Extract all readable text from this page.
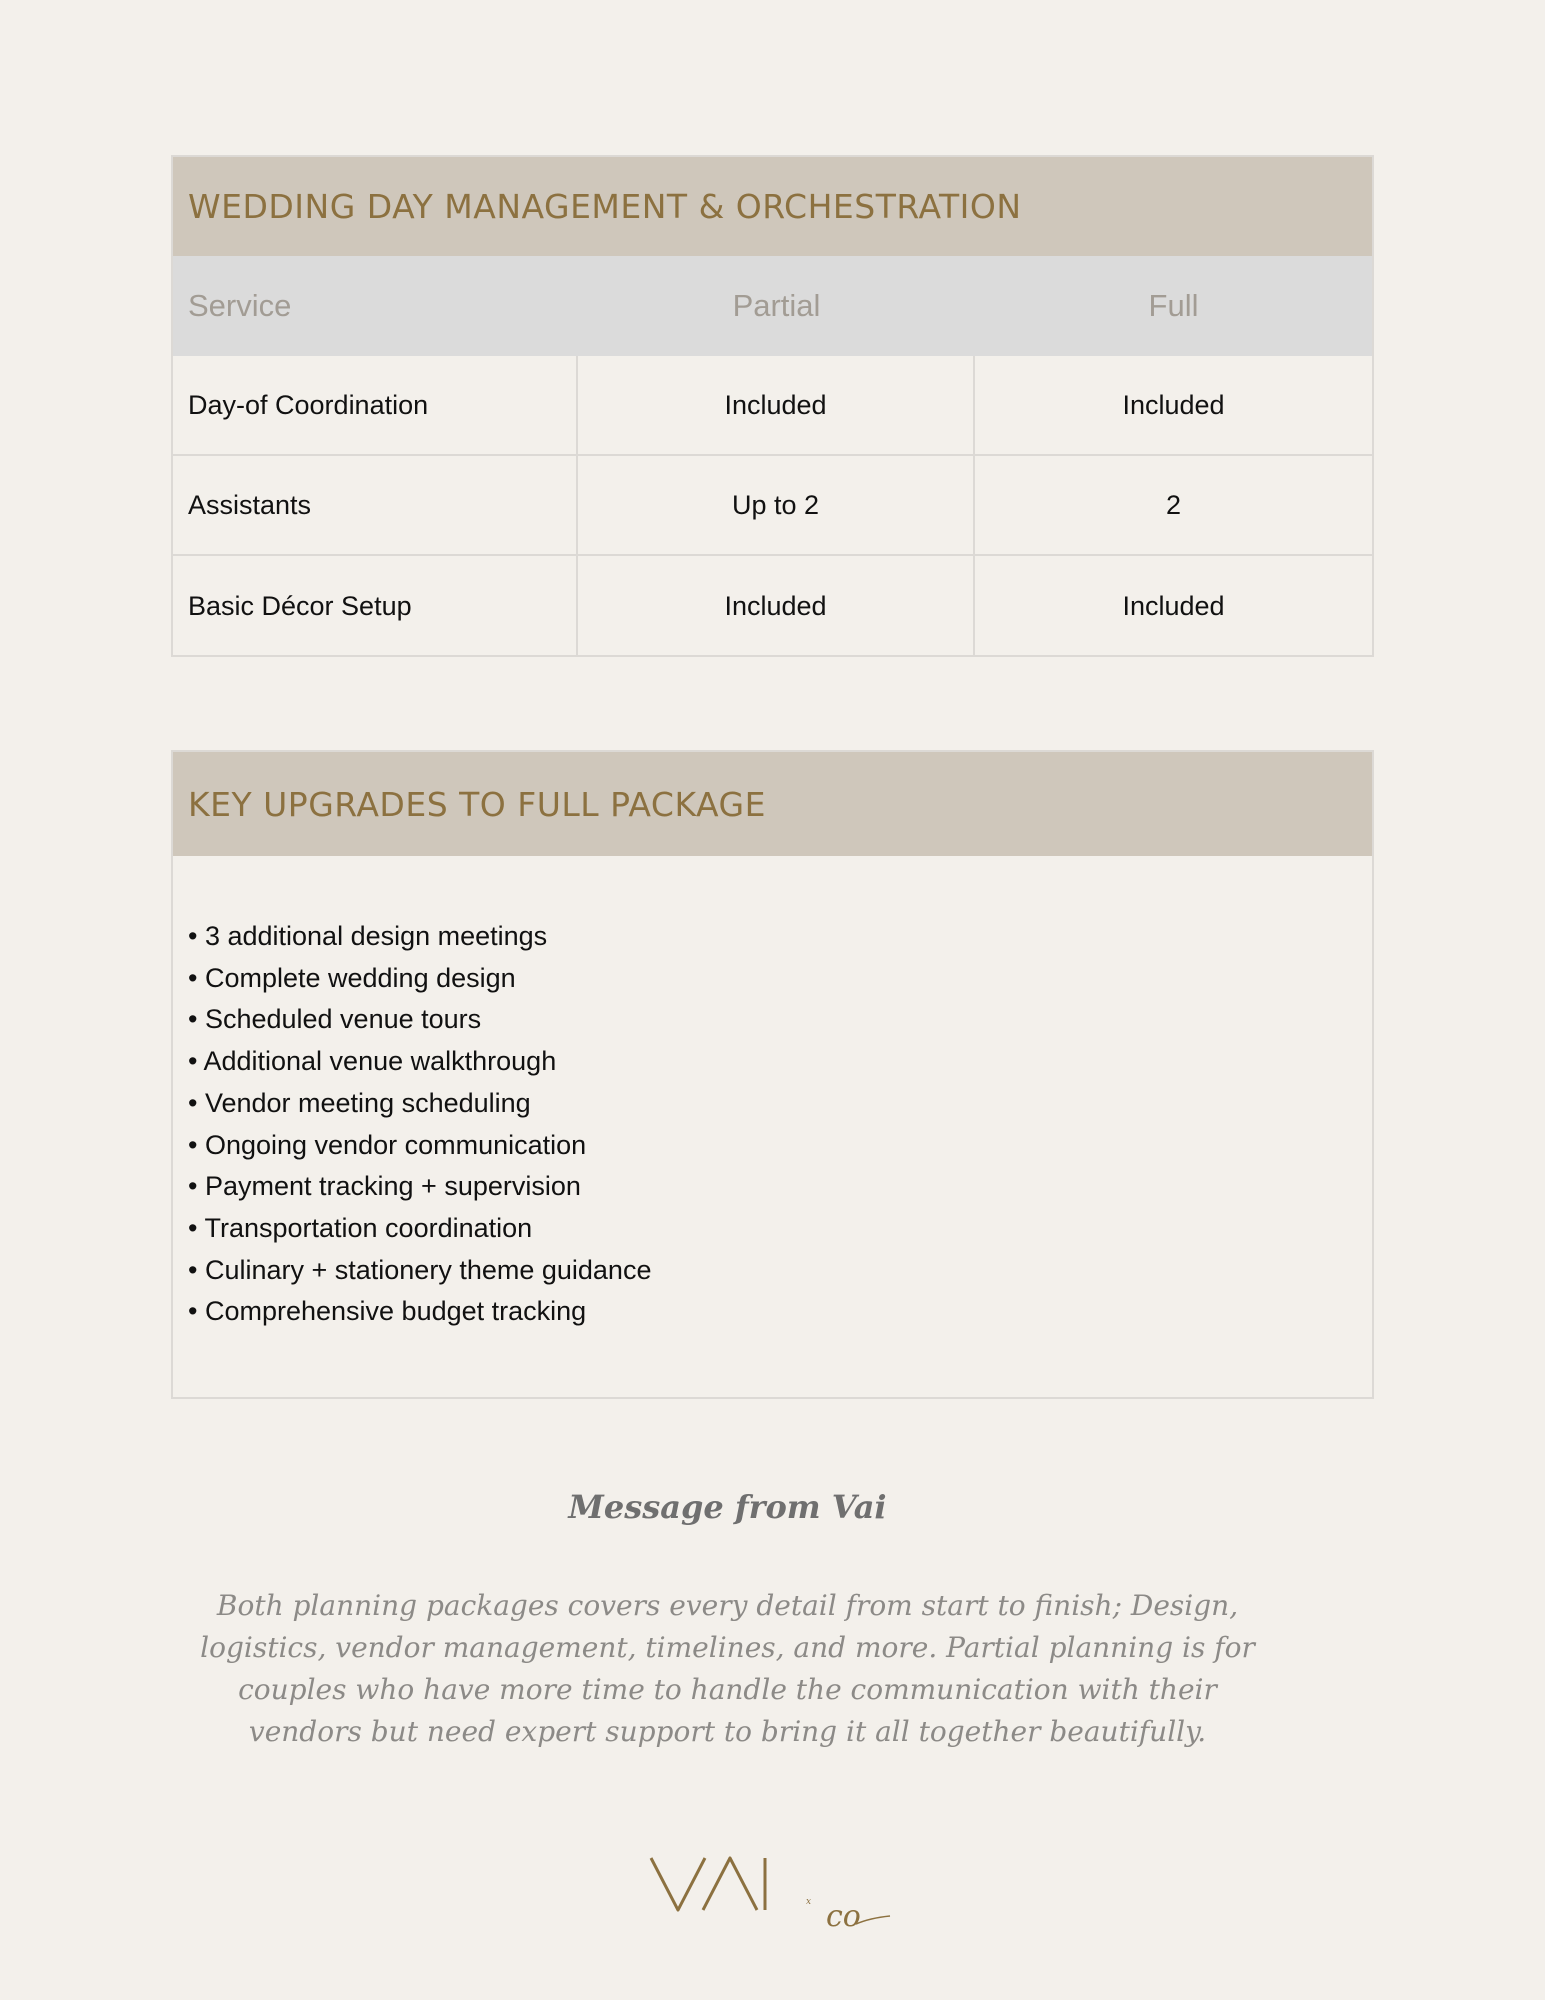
WEDDING DAY MANAGEMENT & ORCHESTRATION
Service	Partial	Full
Day-of Coordination	Included	Included
Assistants	Up to 2	2
Basic Décor Setup	Included	Included
KEY UPGRADES TO FULL PACKAGE
• 3 additional design meetings
• Complete wedding design
• Scheduled venue tours
• Additional venue walkthrough
• Vendor meeting scheduling
• Ongoing vendor communication
• Payment tracking + supervision
• Transportation coordination
• Culinary + stationery theme guidance
• Comprehensive budget tracking
Message from Vai

Both planning packages covers every detail from start to finish; Design, logistics, vendor management, timelines, and more. Partial planning is for couples who have more time to handle the communication with their vendors but need expert support to bring it all together beautifully.

x co
